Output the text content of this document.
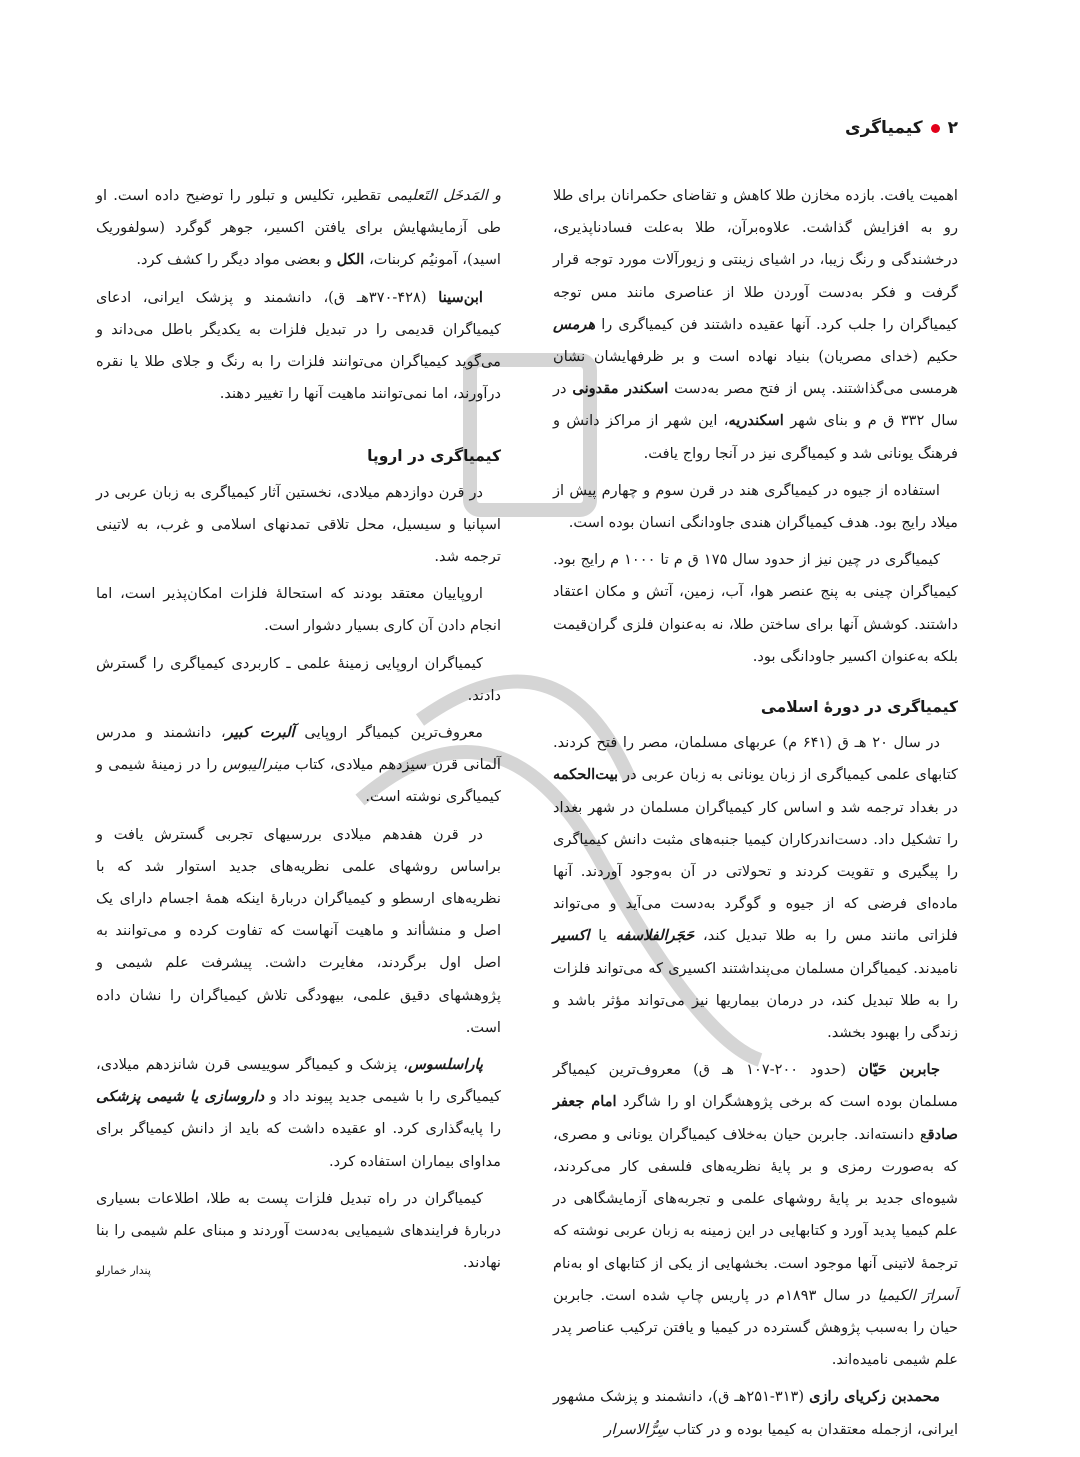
۲
کیمیاگری

اهمیت یافت. بازده مخازن طلا کاهش و تقاضای حکمرانان برای طلا رو به افزایش گذاشت. علاوه‌برآن، طلا به‌علت فسادناپذیری، درخشندگی و رنگ زیبا، در اشیای زینتی و زیورآلات مورد توجه قرار گرفت و فکر به‌دست آوردن طلا از عناصری مانند مس توجه کیمیاگران را جلب کرد. آنها عقیده داشتند فن کیمیاگری را هرمس حکیم (خدای مصریان) بنیاد نهاده است و بر ظرفهایشان نشان هرمسی می‌گذاشتند. پس از فتح مصر به‌دست اسکندر مقدونی در سال ۳۳۲ ق م و بنای شهر اسکندریه، این شهر از مراکز دانش و فرهنگ یونانی شد و کیمیاگری نیز در آنجا رواج یافت.

استفاده از جیوه در کیمیاگری هند در قرن سوم و چهارم پیش از میلاد رایج بود. هدف کیمیاگران هندی جاودانگی انسان بوده است.

کیمیاگری در چین نیز از حدود سال ۱۷۵ ق م تا ۱۰۰۰ م رایج بود. کیمیاگران چینی به پنج عنصر هوا، آب، زمین، آتش و مکان اعتقاد داشتند. کوشش آنها برای ساختن طلا، نه به‌عنوان فلزی گران‌قیمت بلکه به‌عنوان اکسیر جاودانگی بود.

کیمیاگری در دورهٔ اسلامی

در سال ۲۰ هـ ق (۶۴۱ م) عربهای مسلمان، مصر را فتح کردند. کتابهای علمی کیمیاگری از زبان یونانی به زبان عربی در بیت‌الحکمه در بغداد ترجمه شد و اساس کار کیمیاگران مسلمان در شهر بغداد را تشکیل داد. دست‌اندرکاران کیمیا جنبه‌های مثبت دانش کیمیاگری را پیگیری و تقویت کردند و تحولاتی در آن به‌وجود آوردند. آنها ماده‌ای فرضی که از جیوه و گوگرد به‌دست می‌آید و می‌تواند فلزاتی مانند مس را به طلا تبدیل کند، حَجَرالفلاسفه یا اکسیر نامیدند. کیمیاگران مسلمان می‌پنداشتند اکسیری که می‌تواند فلزات را به طلا تبدیل کند، در درمان بیماریها نیز می‌تواند مؤثر باشد و زندگی را بهبود بخشد.

جابربن حَیّان (حدود ۲۰۰-۱۰۷ هـ ق) معروف‌ترین کیمیاگر مسلمان بوده است که برخی پژوهشگران او را شاگرد امام جعفر صادقع دانسته‌اند. جابربن حیان به‌خلاف کیمیاگران یونانی و مصری، که به‌صورت رمزی و بر پایهٔ نظریه‌های فلسفی کار می‌کردند، شیوه‌ای جدید بر پایهٔ روشهای علمی و تجربه‌های آزمایشگاهی در علم کیمیا پدید آورد و کتابهایی در این زمینه به زبان عربی نوشته که ترجمهٔ لاتینی آنها موجود است. بخشهایی از یکی از کتابهای او به‌نام اَسرارَ الکیمیا در سال ۱۸۹۳م در پاریس چاپ شده است. جابربن حیان را به‌سبب پژوهش گسترده در کیمیا و یافتن ترکیب عناصر پدر علم شیمی نامیده‌اند.

محمدبن زکریای رازی (۳۱۳-۲۵۱هـ ق)، دانشمند و پزشک مشهور ایرانی، ازجمله معتقدان به کیمیا بوده و در کتاب سِرُّالاسرار

و المَدخَل التَعلیمی تقطیر، تکلیس و تبلور را توضیح داده است. او طی آزمایشهایش برای یافتن اکسیر، جوهر گوگرد (سولفوریک اسید)، آمونیُم کربنات، الکل و بعضی مواد دیگر را کشف کرد.

ابن‌سینا (۴۲۸-۳۷۰هـ ق)، دانشمند و پزشک ایرانی، ادعای کیمیاگران قدیمی را در تبدیل فلزات به یکدیگر باطل می‌داند و می‌گوید کیمیاگران می‌توانند فلزات را به رنگ و جلای طلا یا نقره درآورند، اما نمی‌توانند ماهیت آنها را تغییر دهند.

کیمیاگری در اروپا

در قرن دوازدهم میلادی، نخستین آثار کیمیاگری به زبان عربی در اسپانیا و سیسیل، محل تلاقی تمدنهای اسلامی و غرب، به لاتینی ترجمه شد.

اروپاییان معتقد بودند که استحالهٔ فلزات امکان‌پذیر است، اما انجام دادن آن کاری بسیار دشوار است.

کیمیاگران اروپایی زمینهٔ علمی ـ کاربردی کیمیاگری را گسترش دادند.

معروف‌ترین کیمیاگر اروپایی آلبرت کبیر، دانشمند و مدرس آلمانی قرن سیزدهم میلادی، کتاب مینرالیبوس را در زمینهٔ شیمی و کیمیاگری نوشته است.

در قرن هفدهم میلادی بررسیهای تجربی گسترش یافت و براساس روشهای علمی نظریه‌های جدید استوار شد که با نظریه‌های ارسطو و کیمیاگران دربارهٔ اینکه همهٔ اجسام دارای یک اصل و منشأاند و ماهیت آنهاست که تفاوت کرده و می‌توانند به اصل اول برگردند، مغایرت داشت. پیشرفت علم شیمی و پژوهشهای دقیق علمی، بیهودگی تلاش کیمیاگران را نشان داده است.

پاراسلسوس، پزشک و کیمیاگر سوییسی قرن شانزدهم میلادی، کیمیاگری را با شیمی جدید پیوند داد و داروسازی یا شیمی پزشکی را پایه‌گذاری کرد. او عقیده داشت که باید از دانش کیمیاگر برای مداوای بیماران استفاده کرد.

کیمیاگران در راه تبدیل فلزات پست به طلا، اطلاعات بسیاری دربارهٔ فرایندهای شیمیایی به‌دست آوردند و مبنای علم شیمی را بنا نهادند.

پندار خمارلو
